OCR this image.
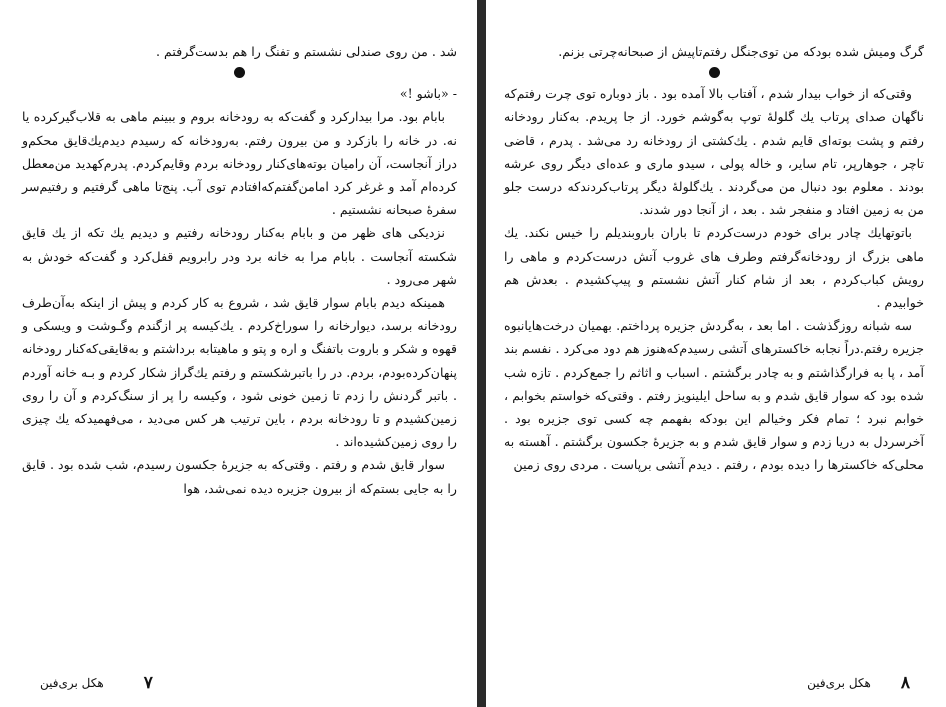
شد . من روی صندلی نشستم و تفنگ را هم بدست‌گرفتم .

- «باشو !»

بابام بود. مرا بیدارکرد و گفت‌که به رودخانه بروم و ببینم ماهی به قلاب‌گیرکرده یا نه. در خانه را بازکرد و من بیرون رفتم. به‌رودخانه که رسیدم دیدم‌یك‌قایق محکم‌و دراز آنجاست، آن راميان بوته‌های‌کنار رودخانه بردم وقايم‌کردم. پدرم‌کهدید من‌معطل کرده‌ام آمد و غرغر کرد امامن‌گفتم‌که‌افتادم توی آب. پنج‌تا ماهی گرفتیم و رفتیم‌سر سفرهٔ صبحانه نشستیم .

نزدیکی های ظهر من و بابام به‌کنار رودخانه رفتیم و دیدیم یك تکه از یك قایق شکسته آنجاست . بابام مرا به خانه برد ودر رابرویم قفل‌کرد و گفت‌که خودش به شهر می‌رود .

همینکه دیدم بابام سوار قایق شد ، شروع به کار کردم و پیش از اینکه به‌آن‌طرف رودخانه برسد، دیوارخانه را سوراخ‌کردم . یك‌کیسه پر ازگندم وگـوشت و ویسکی و قهوه و شکر و باروت باتفنگ و اره و پتو و ماهیتابه برداشتم و به‌قایقی‌که‌کنار رودخانه پنهان‌کرده‌بودم، بردم. در را باتبرشکستم و رفتم یك‌گراز شکار کردم و بـه خانه آوردم . باتبر گردنش را زدم تا زمین خونی شود ، وکیسه را پر از سنگ‌کردم و آن را روی زمین‌کشیدم و تا رودخانه بردم ، باین ترتیب هر کس می‌دید ، می‌فهمیدکه یك چیزی را روی زمین‌کشیده‌اند .

سوار قایق شدم و رفتم . وقتی‌که به جزیرهٔ جکسون رسیدم، شب شده بود . قایق را به جایی بستم‌که از بیرون جزیره دیده نمی‌شد، هوا

هکل بری‌فین ۷

گرگ ومیش شده بودکه من توی‌جنگل رفتم‌تاپیش از صبحانه‌چرتی بزنم.

وقتی‌که از خواب بیدار شدم ، آفتاب بالا آمده بود . باز دوباره توی چرت رفتم‌که ناگهان صدای پرتاب یك گلولهٔ توپ به‌گوشم خورد. از جا پریدم. به‌کنار رودخانه رفتم و پشت بوته‌ای قایم شدم . یك‌کشتی از رودخانه رد می‌شد . پدرم ، قاضی تاچر ، جوهارپر، تام سایر، و خاله پولی ، سیدو ماری و عده‌ای دیگر روی عرشه بودند . معلوم بود دنبال من می‌گردند . یك‌گلولهٔ دیگر پرتاب‌کردندکه درست جلو من به زمین افتاد و منفجر شد . بعد ، از آنجا دور شدند.

باتوتهایك چادر برای خودم درست‌کردم تا باران باروبندیلم را خیس نکند. یك ماهی بزرگ از رودخانه‌گرفتم وطرف های غروب آتش درست‌کردم و ماهی را رویش کباب‌کردم ، بعد از شام کنار آتش نشستم و پیپ‌کشیدم . بعدش هم خوابیدم .

سه شبانه روزگذشت . اما بعد ، به‌گردش جزیره پرداختم. بهمیان درخت‌هایانبوه جزیره رفتم.دراً نجابه خاکسترهای آتشی رسیدم‌که‌هنوز هم دود می‌کرد . نفسم بند آمد ، پا به فرارگذاشتم و به چادر برگشتم . اسباب و اثاثم را جمع‌کردم . تازه شب شده بود که سوار قایق شدم و به ساحل ایلینویز رفتم . وقتی‌که خواستم بخوابم ، خوابم نبرد ؛ تمام فکر وخیالم این بودکه بفهمم چه کسی توی جزیره بود . آخرسردل به دریا زدم و سوار قایق شدم و به جزیرهٔ جکسون برگشتم . آهسته به محلی‌که خاکسترها را دیده بودم ، رفتم . دیدم آتشی برپاست . مردی روی زمین

۸
هکل بری‌فین
